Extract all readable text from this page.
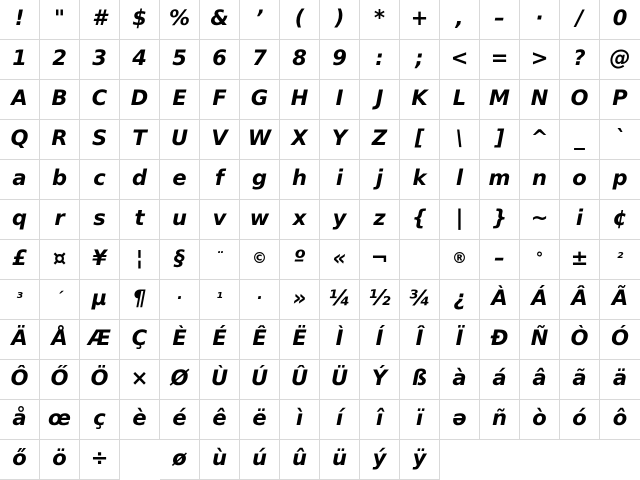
! " # $ % & ’ ( ) * + , – · / 0
1 2 3 4 5 6 7 8 9 : ; < = > ? @
A B C D E F G H I J K L M N O P
Q R S T U V W X Y Z [ \ ] ^ _ `
a b c d e f g h i j k l m n o p
q r s t u v w x y z { | } ~ i ¢
£ ¤ ¥ ¦ § ¨ © º « ¬	® – ° ± ²
³ ´ µ ¶ · ¹ · » ¼ ½ ¾ ¿ À Á Â Ã
Ä Å Æ Ç È É Ê Ë Ì Í Î Ï Ð Ñ Ò Ó
Ô Ő Ö × Ø Ù Ú Û Ü Ý ß à á â ã ä
å œ ç è é ê ë ì í î ï ǝ ñ ò ó ô
ő ö ÷	ø ù ú û ü ý ÿ
